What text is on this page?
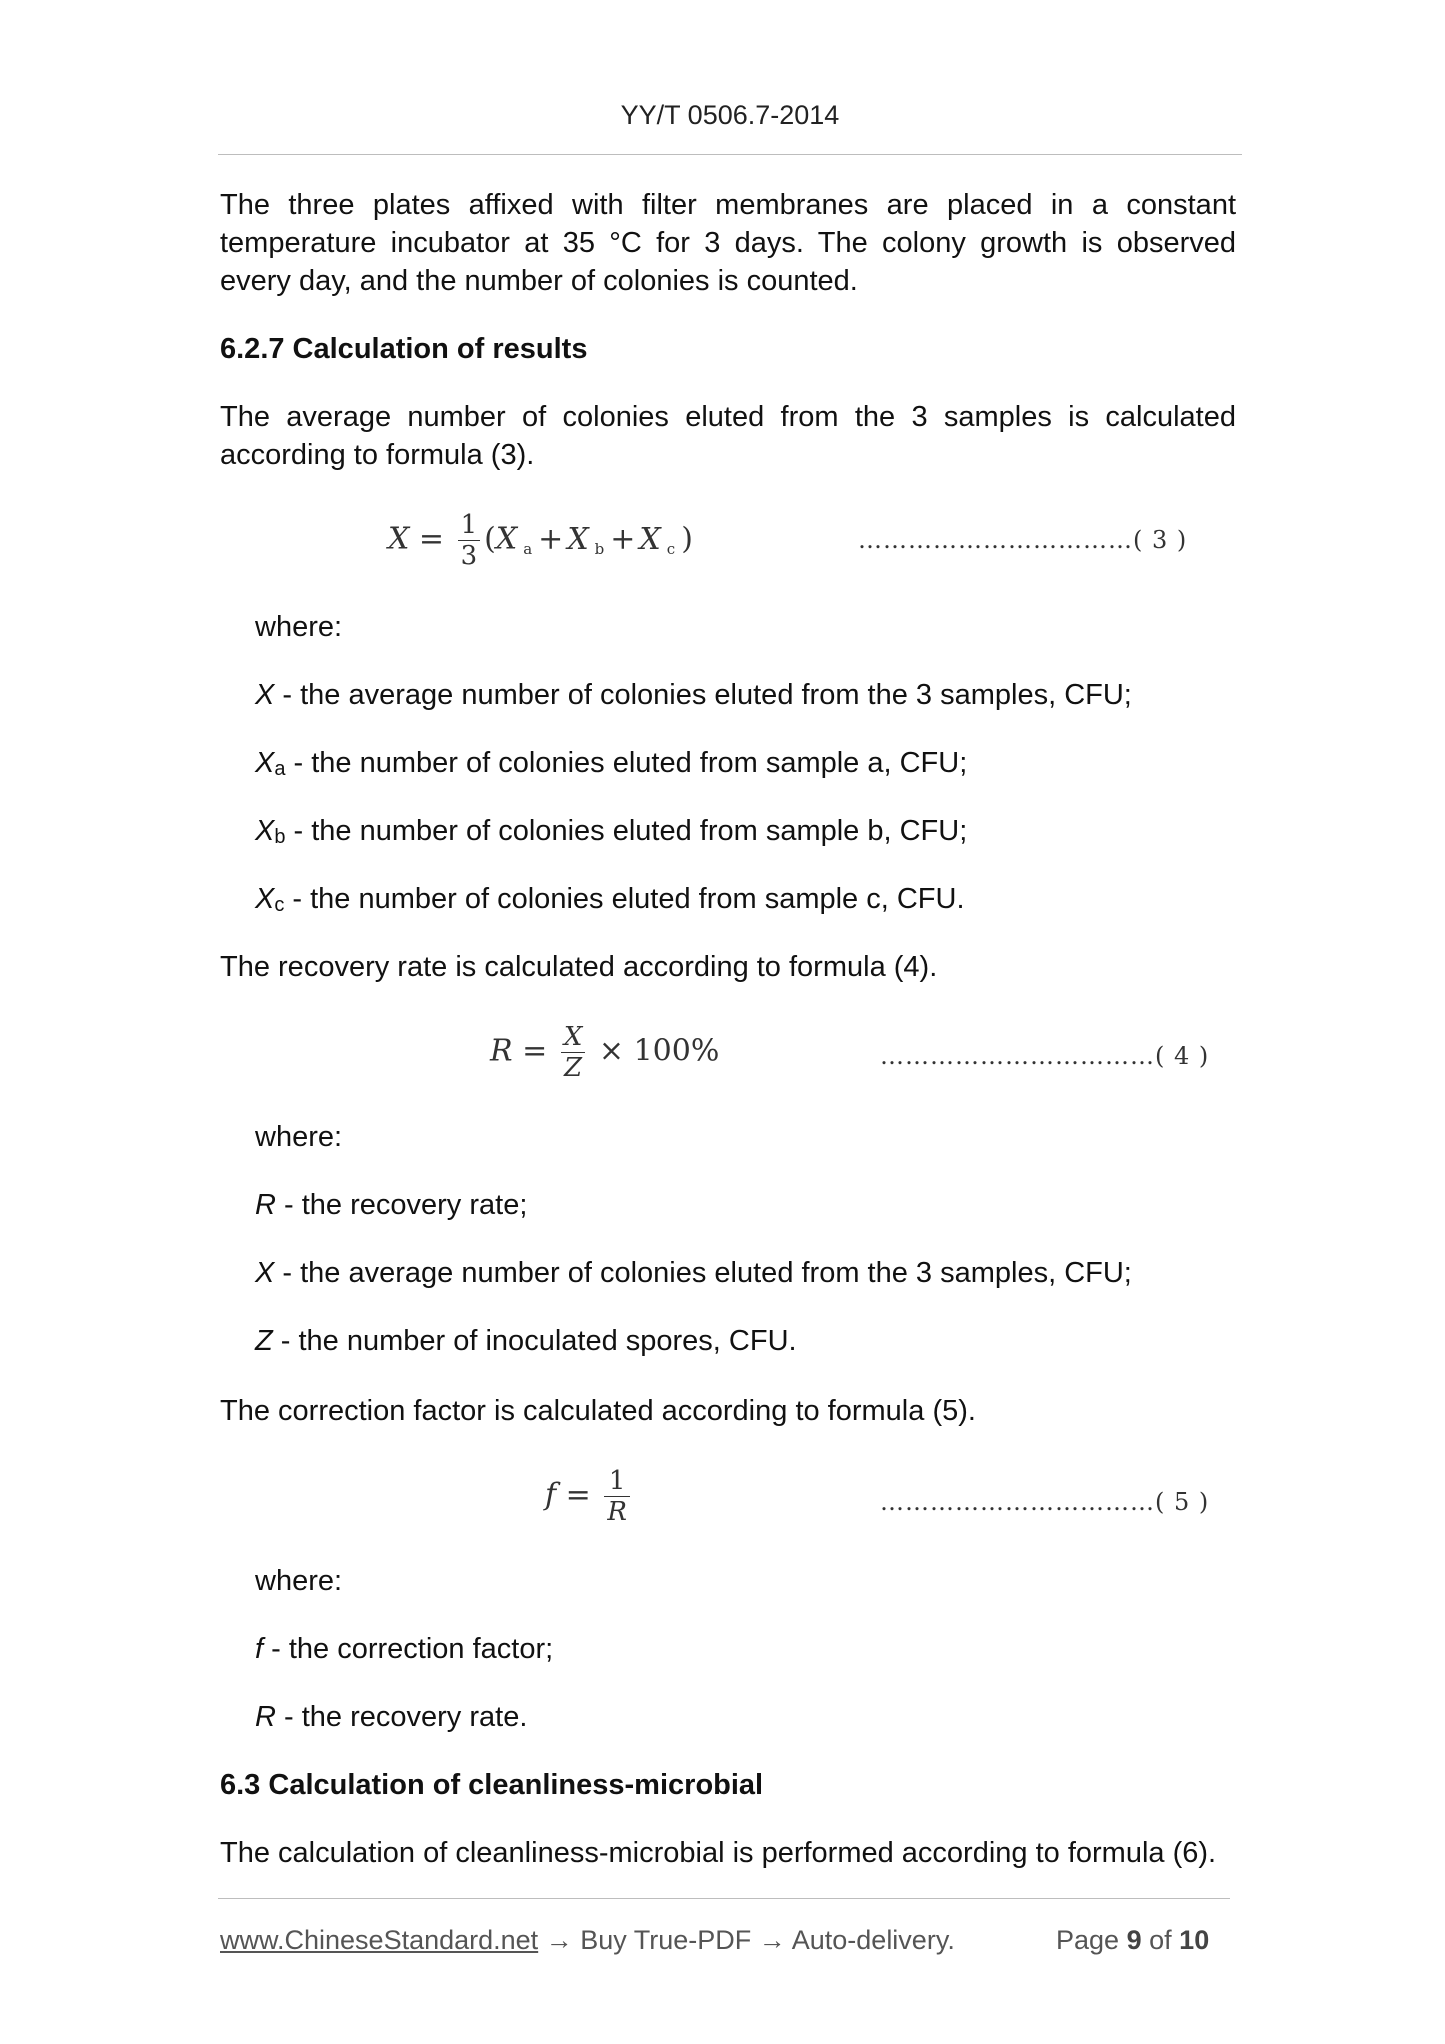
YY/T 0506.7-2014
The three plates affixed with filter membranes are placed in a constant temperature incubator at 35 °C for 3 days. The colony growth is observed every day, and the number of colonies is counted.
6.2.7 Calculation of results
The average number of colonies eluted from the 3 samples is calculated according to formula (3).
$X = \frac{1}{3} (X$ a + X b + X c )	……………………………( 3 )
where:
X - the average number of colonies eluted from the 3 samples, CFU;
Xa - the number of colonies eluted from sample a, CFU;
Xb - the number of colonies eluted from sample b, CFU;
Xc - the number of colonies eluted from sample c, CFU.
The recovery rate is calculated according to formula (4).
$R = \frac{X}{Z} \times 100\%$	……………………………( 4 )
where:
R - the recovery rate;
X - the average number of colonies eluted from the 3 samples, CFU;
Z - the number of inoculated spores, CFU.
The correction factor is calculated according to formula (5).
$f = \frac{1}{R}$	……………………………( 5 )
where:
f - the correction factor;
R - the recovery rate.
6.3 Calculation of cleanliness-microbial
The calculation of cleanliness-microbial is performed according to formula (6).
www.ChineseStandard.net → Buy True-PDF → Auto-delivery.	Page 9 of 10
